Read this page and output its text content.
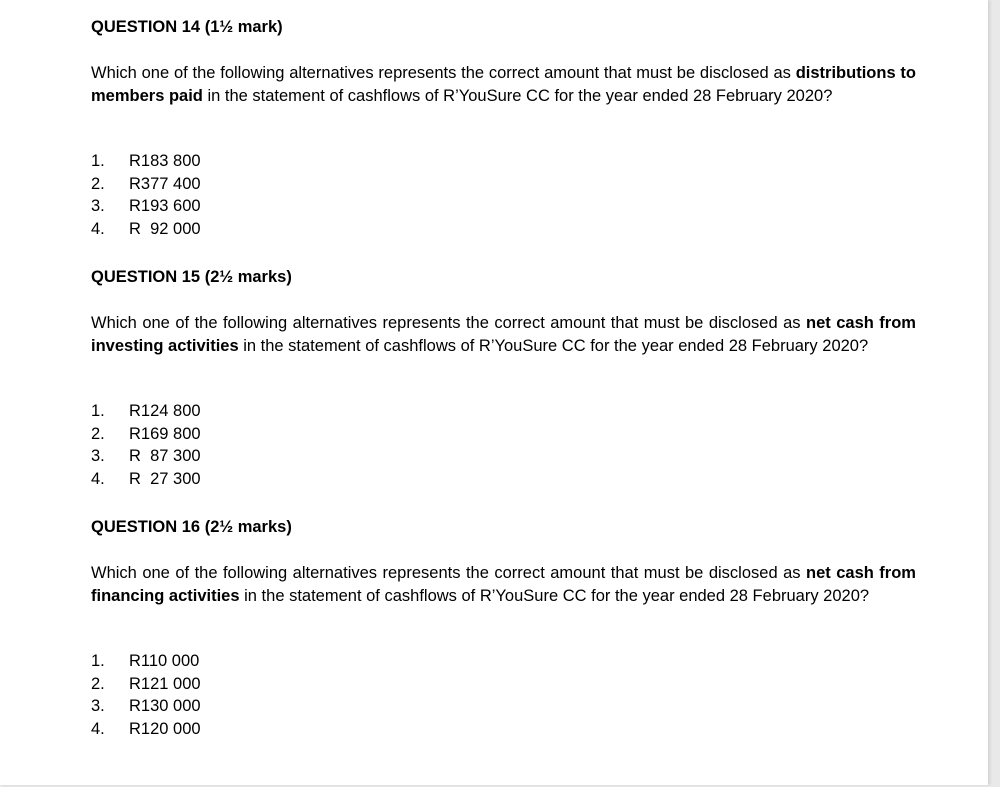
QUESTION 14 (1½ mark)

Which one of the following alternatives represents the correct amount that must be disclosed as distributions to members paid in the statement of cashflows of R’YouSure CC for the year ended 28 February 2020?

1. R183 800
2. R377 400
3. R193 600
4. R  92 000

QUESTION 15 (2½ marks)

Which one of the following alternatives represents the correct amount that must be disclosed as net cash from investing activities in the statement of cashflows of R’YouSure CC for the year ended 28 February 2020?

1. R124 800
2. R169 800
3. R  87 300
4. R  27 300

QUESTION 16 (2½ marks)

Which one of the following alternatives represents the correct amount that must be disclosed as net cash from financing activities in the statement of cashflows of R’YouSure CC for the year ended 28 February 2020?

1. R110 000
2. R121 000
3. R130 000
4. R120 000
